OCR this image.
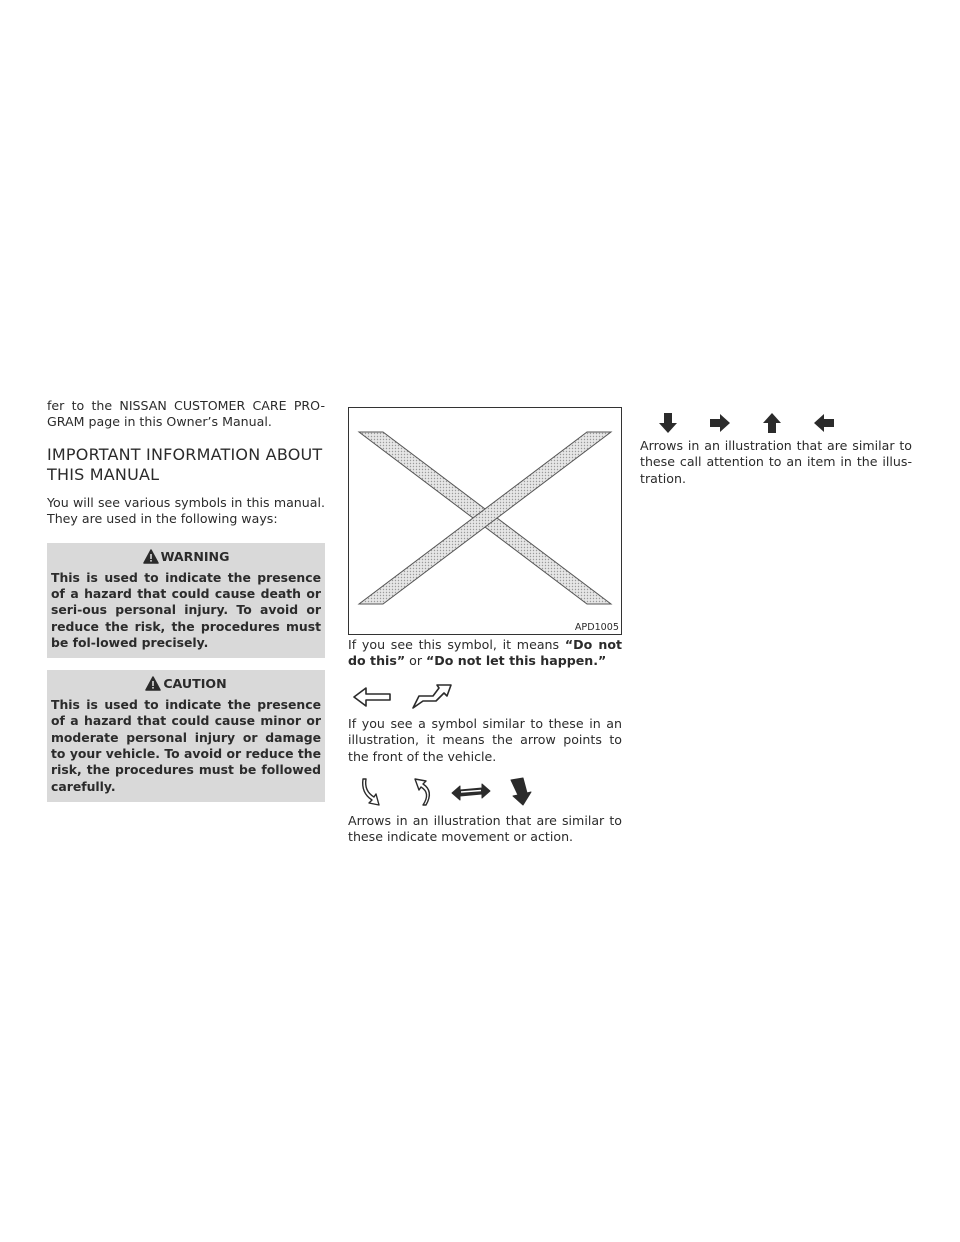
fer to the NISSAN CUSTOMER CARE PRO-GRAM page in this Owner’s Manual.

IMPORTANT INFORMATION ABOUT
THIS MANUAL

You will see various symbols in this manual. They are used in the following ways:

WARNING
This is used to indicate the presence of a hazard that could cause death or seri-ous personal injury. To avoid or reduce the risk, the procedures must be fol-lowed precisely.
CAUTION
This is used to indicate the presence of a hazard that could cause minor or moderate personal injury or damage to your vehicle. To avoid or reduce the risk, the procedures must be followed carefully.
APD1005

If you see this symbol, it means “Do not do this” or “Do not let this happen.”

If you see a symbol similar to these in an illustration, it means the arrow points to the front of the vehicle.

Arrows in an illustration that are similar to these indicate movement or action.

Arrows in an illustration that are similar to these call attention to an item in the illus-tration.
